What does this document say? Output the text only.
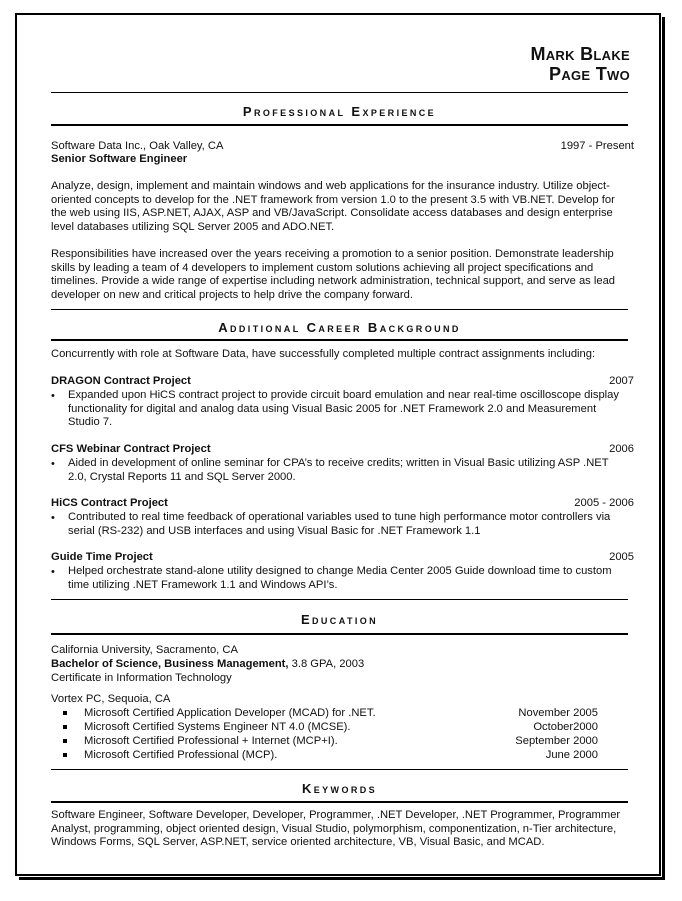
Mark Blake
Page Two
Professional Experience
Software Data Inc., Oak Valley, CA	1997 - Present
Senior Software Engineer
Analyze, design, implement and maintain windows and web applications for the insurance industry. Utilize object-oriented concepts to develop for the .NET framework from version 1.0 to the present 3.5 with VB.NET. Develop for the web using IIS, ASP.NET, AJAX, ASP and VB/JavaScript. Consolidate access databases and design enterprise level databases utilizing SQL Server 2005 and ADO.NET.
Responsibilities have increased over the years receiving a promotion to a senior position. Demonstrate leadership skills by leading a team of 4 developers to implement custom solutions achieving all project specifications and timelines. Provide a wide range of expertise including network administration, technical support, and serve as lead developer on new and critical projects to help drive the company forward.
Additional Career Background
Concurrently with role at Software Data, have successfully completed multiple contract assignments including:
DRAGON Contract Project	2007
• Expanded upon HiCS contract project to provide circuit board emulation and near real-time oscilloscope display functionality for digital and analog data using Visual Basic 2005 for .NET Framework 2.0 and Measurement Studio 7.
CFS Webinar Contract Project	2006
• Aided in development of online seminar for CPA’s to receive credits; written in Visual Basic utilizing ASP .NET 2.0, Crystal Reports 11 and SQL Server 2000.
HiCS Contract Project	2005 - 2006
• Contributed to real time feedback of operational variables used to tune high performance motor controllers via serial (RS-232) and USB interfaces and using Visual Basic for .NET Framework 1.1
Guide Time Project	2005
• Helped orchestrate stand-alone utility designed to change Media Center 2005 Guide download time to custom time utilizing .NET Framework 1.1 and Windows API’s.
Education
California University, Sacramento, CA
Bachelor of Science, Business Management, 3.8 GPA, 2003
Certificate in Information Technology
Vortex PC, Sequoia, CA
Microsoft Certified Application Developer (MCAD) for .NET.	November 2005
Microsoft Certified Systems Engineer NT 4.0 (MCSE).	October2000
Microsoft Certified Professional + Internet (MCP+I).	September 2000
Microsoft Certified Professional (MCP).	June 2000
Keywords
Software Engineer, Software Developer, Developer, Programmer, .NET Developer, .NET Programmer, Programmer Analyst, programming, object oriented design, Visual Studio, polymorphism, componentization, n-Tier architecture, Windows Forms, SQL Server, ASP.NET, service oriented architecture, VB, Visual Basic, and MCAD.
